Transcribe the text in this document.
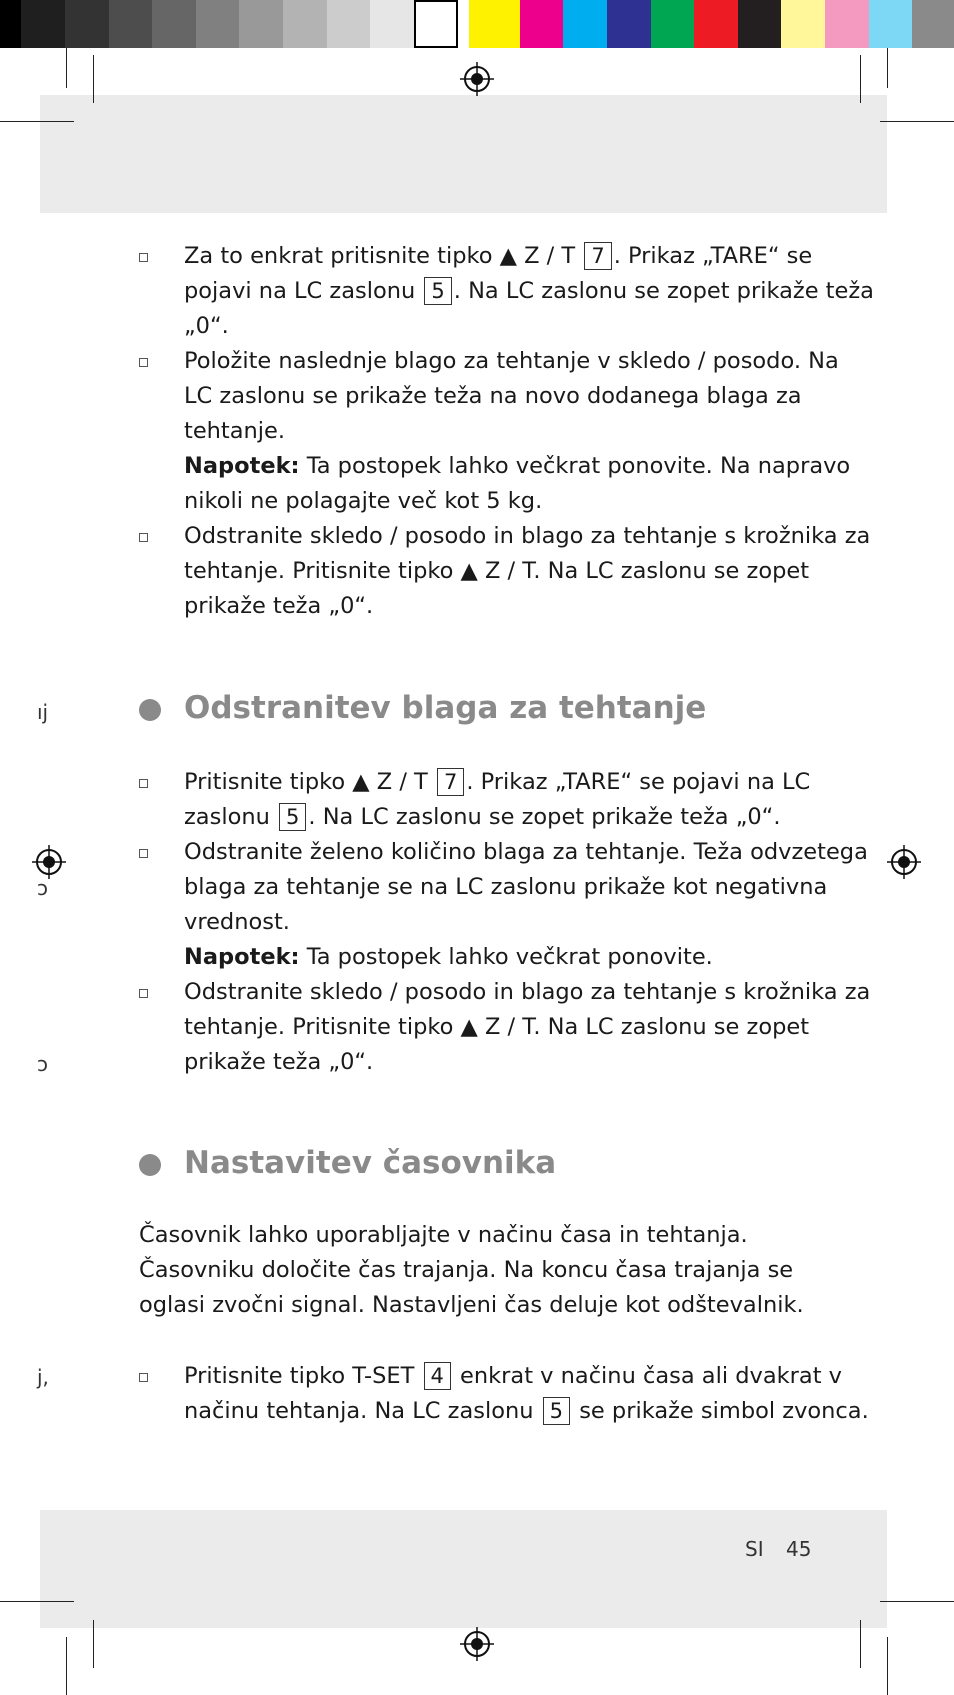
ıj
ɔ
ɔ
j,
Za to enkrat pritisnite tipko ▲ Z / T 7 . Prikaz „TARE“ se pojavi na LC zaslonu 5 . Na LC zaslonu se zopet prikaže teža „0“.
Položite naslednje blago za tehtanje v skledo / posodo. Na LC zaslonu se prikaže teža na novo dodanega blaga za tehtanje.
Napotek: Ta postopek lahko večkrat ponovite. Na napravo nikoli ne polagajte več kot 5 kg.
Odstranite skledo / posodo in blago za tehtanje s krožnika za tehtanje. Pritisnite tipko ▲ Z / T. Na LC zaslonu se zopet prikaže teža „0“.
Odstranitev blaga za tehtanje
Pritisnite tipko ▲ Z / T 7 . Prikaz „TARE“ se pojavi na LC zaslonu 5 . Na LC zaslonu se zopet prikaže teža „0“.
Odstranite želeno količino blaga za tehtanje. Teža odvzetega blaga za tehtanje se na LC zaslonu prikaže kot negativna vrednost.
Napotek: Ta postopek lahko večkrat ponovite.
Odstranite skledo / posodo in blago za tehtanje s krožnika za tehtanje. Pritisnite tipko ▲ Z / T. Na LC zaslonu se zopet prikaže teža „0“.
Nastavitev časovnika
Časovnik lahko uporabljajte v načinu časa in tehtanja. Časovniku določite čas trajanja. Na koncu časa trajanja se oglasi zvočni signal. Nastavljeni čas deluje kot odštevalnik.
Pritisnite tipko T-SET 4 enkrat v načinu časa ali dvakrat v načinu tehtanja. Na LC zaslonu 5 se prikaže simbol zvonca.
SI 45
